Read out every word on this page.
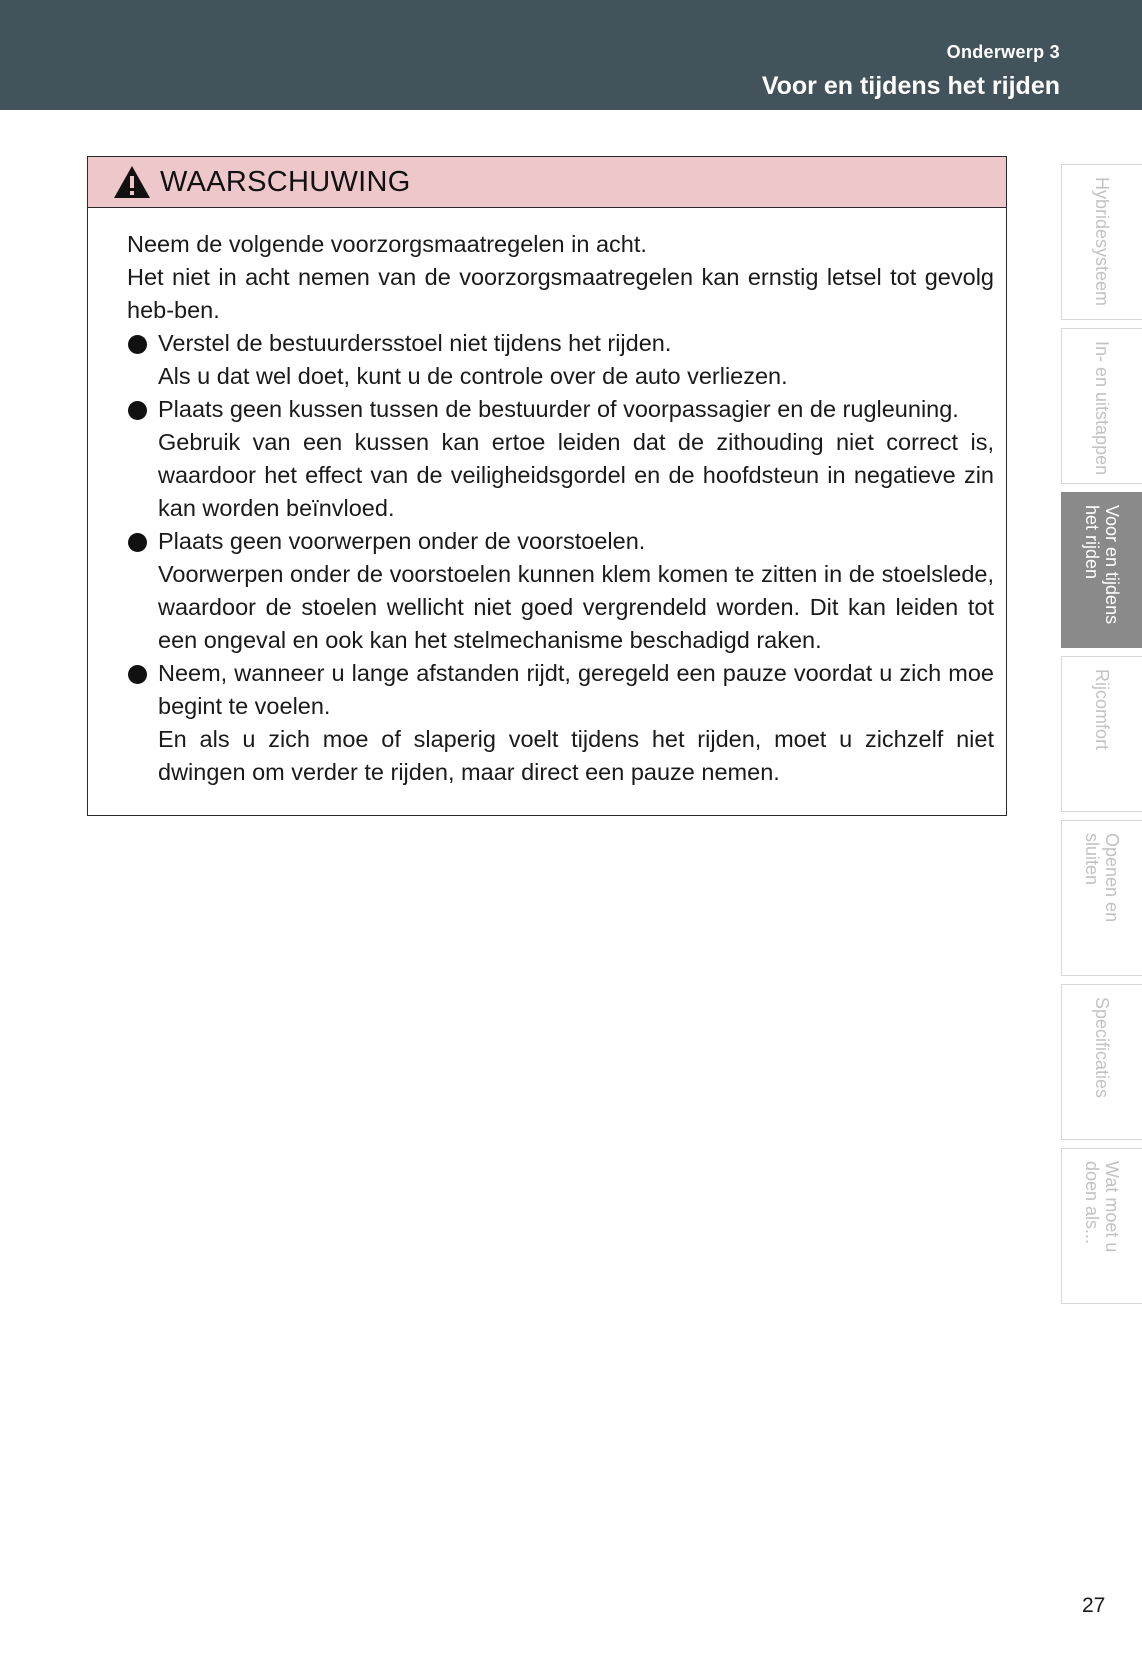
Onderwerp 3
Voor en tijdens het rijden
WAARSCHUWING

Neem de volgende voorzorgsmaatregelen in acht.

Het niet in acht nemen van de voorzorgsmaatregelen kan ernstig letsel tot gevolg heb-ben.

Verstel de bestuurdersstoel niet tijdens het rijden.

Als u dat wel doet, kunt u de controle over de auto verliezen.

Plaats geen kussen tussen de bestuurder of voorpassagier en de rugleuning.

Gebruik van een kussen kan ertoe leiden dat de zithouding niet correct is, waardoor het effect van de veiligheidsgordel en de hoofdsteun in negatieve zin kan worden beïnvloed.

Plaats geen voorwerpen onder de voorstoelen.

Voorwerpen onder de voorstoelen kunnen klem komen te zitten in de stoelslede, waardoor de stoelen wellicht niet goed vergrendeld worden. Dit kan leiden tot een ongeval en ook kan het stelmechanisme beschadigd raken.

Neem, wanneer u lange afstanden rijdt, geregeld een pauze voordat u zich moe begint te voelen.

En als u zich moe of slaperig voelt tijdens het rijden, moet u zichzelf niet dwingen om verder te rijden, maar direct een pauze nemen.

Hybridesysteem
In- en uitstappen
Voor en tijdens
het rijden
Rijcomfort
Openen en
sluiten
Specificaties
Wat moet u
doen als...
27
